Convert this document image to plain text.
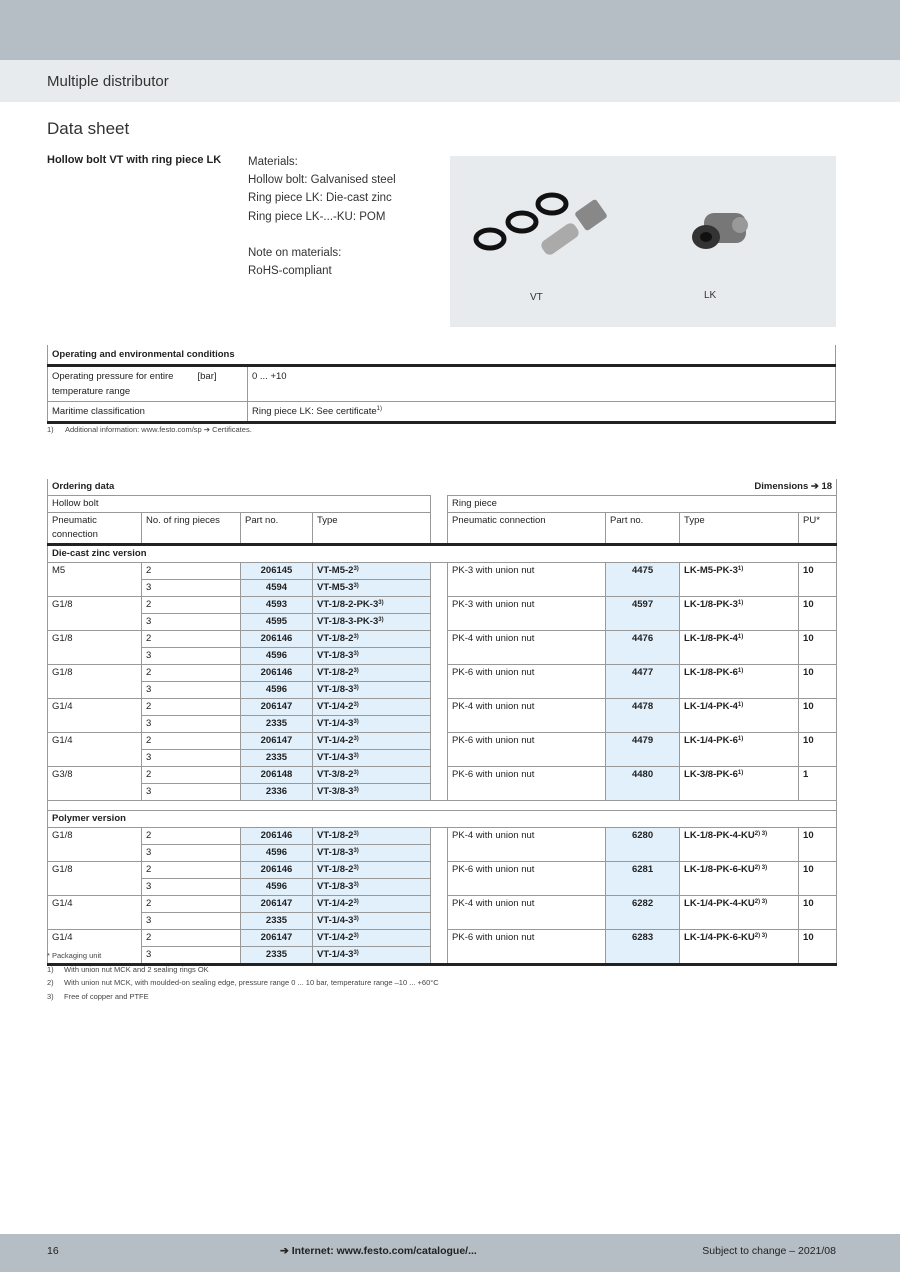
Multiple distributor
Data sheet
Hollow bolt VT with ring piece LK Materials:
Hollow bolt: Galvanised steel
Ring piece LK: Die-cast zinc
Ring piece LK-...-KU: POM
Note on materials:
RoHS-compliant
VT	LK
Operating and environmental conditions		
Operating pressure for entire temperature range	[bar]	0 ... +10
Maritime classification		Ring piece LK: See certificate$^{1)}$
1) Additional information: www.festo.com/sp ➔ Certificates.
Ordering data					Dimensions ➔ 18			
Hollow bolt					Ring piece			
Pneumatic connection	No. of ring pieces	Part no.	Type		Pneumatic connection	Part no.	Type	PU*
Die-cast zinc version								
M5	2	206145	VT-M5-2$^{3)}$		PK-3 with union nut	4475	LK-M5-PK-3$^{1)}$	10
	3	4594	VT-M5-3$^{3)}$
G1/8	2	4593	VT-1/8-2-PK-3$^{3)}$		PK-3 with union nut	4597	LK-1/8-PK-3$^{1)}$	10
	3	4595	VT-1/8-3-PK-3$^{3)}$
G1/8	2	206146	VT-1/8-2$^{3)}$		PK-4 with union nut	4476	LK-1/8-PK-4$^{1)}$	10
	3	4596	VT-1/8-3$^{3)}$
G1/8	2	206146	VT-1/8-2$^{3)}$		PK-6 with union nut	4477	LK-1/8-PK-6$^{1)}$	10
	3	4596	VT-1/8-3$^{3)}$
G1/4	2	206147	VT-1/4-2$^{3)}$		PK-4 with union nut	4478	LK-1/4-PK-4$^{1)}$	10
	3	2335	VT-1/4-3$^{3)}$
G1/4	2	206147	VT-1/4-2$^{3)}$		PK-6 with union nut	4479	LK-1/4-PK-6$^{1)}$	10
	3	2335	VT-1/4-3$^{3)}$
G3/8	2	206148	VT-3/8-2$^{3)}$		PK-6 with union nut	4480	LK-3/8-PK-6$^{1)}$	1
	3	2336	VT-3/8-3$^{3)}$

Polymer version								
G1/8	2	206146	VT-1/8-2$^{3)}$		PK-4 with union nut	6280	$LK-1/8-PK-4-KU^{2) 3)}$	10
	3	4596	VT-1/8-3$^{3)}$
G1/8	2	206146	VT-1/8-2$^{3)}$		PK-6 with union nut	6281	$LK-1/8-PK-6-KU^{2) 3)}$	10
	3	4596	VT-1/8-3$^{3)}$
G1/4	2	206147	VT-1/4-2$^{3)}$		PK-4 with union nut	6282	$LK-1/4-PK-4-KU^{2) 3)}$	10
	3	2335	VT-1/4-3$^{3)}$
G1/4	2	206147	VT-1/4-2$^{3)}$		PK-6 with union nut	6283	$LK-1/4-PK-6-KU^{2) 3)}$	10
	3	2335	VT-1/4-3$^{3)}$

* Packaging unit
1) With union nut MCK and 2 sealing rings OK
2) With union nut MCK, with moulded-on sealing edge, pressure range 0 ... 10 bar, temperature range –10 ... +60°C
3) Free of copper and PTFE
16	➔ Internet: www.festo.com/catalogue/...	Subject to change – 2021/08
